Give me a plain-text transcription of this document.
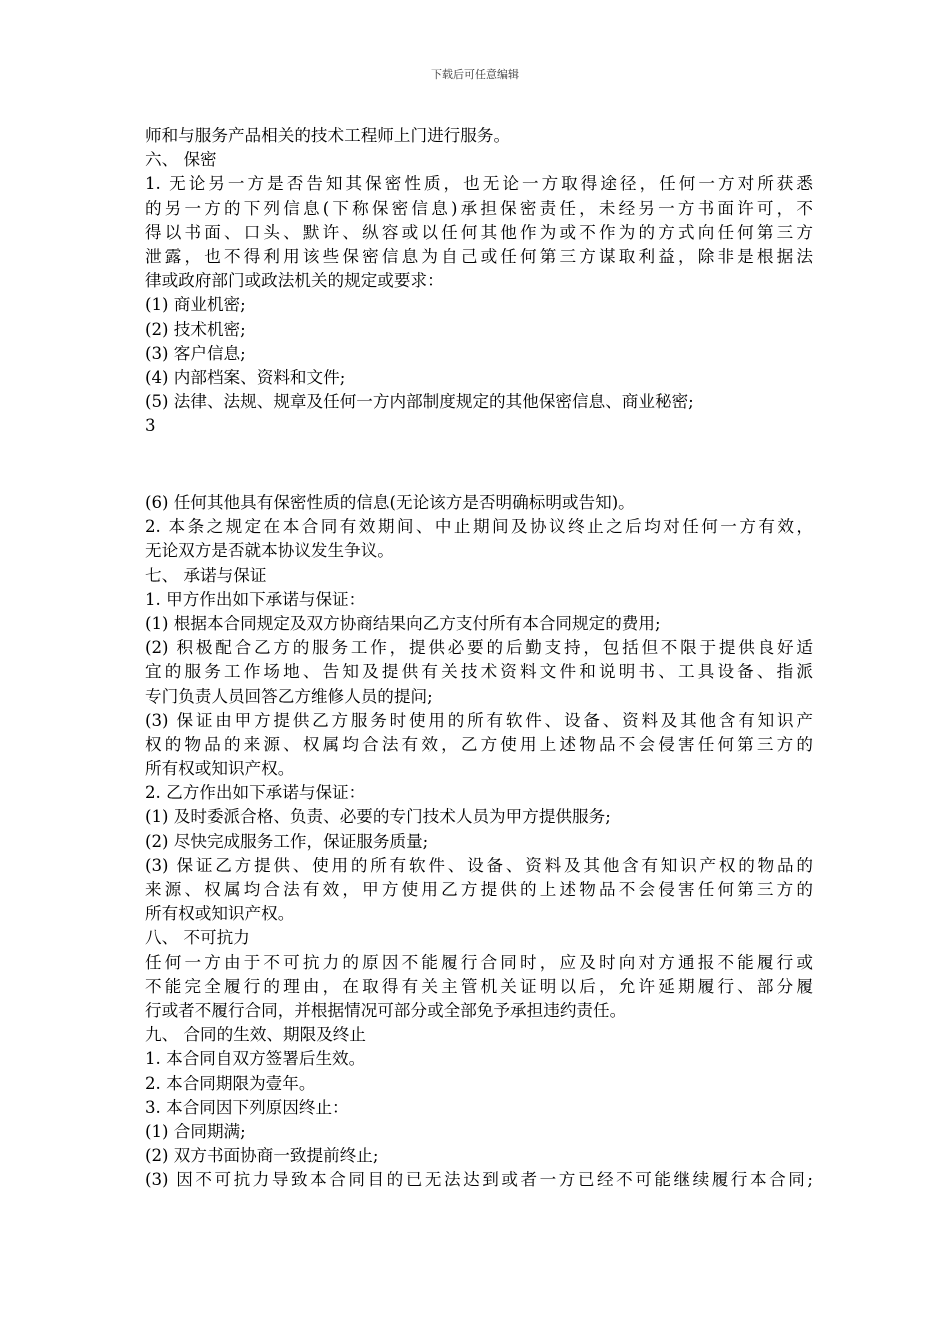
下载后可任意编辑
师和与服务产品相关的技术工程师上门进行服务。
六、 保密
1. 无论另一方是否告知其保密性质，也无论一方取得途径，任何一方对所获悉
的另一方的下列信息(下称保密信息)承担保密责任，未经另一方书面许可，不
得以书面、口头、默许、纵容或以任何其他作为或不作为的方式向任何第三方
泄露，也不得利用该些保密信息为自己或任何第三方谋取利益，除非是根据法
律或政府部门或政法机关的规定或要求：
(1) 商业机密;
(2) 技术机密;
(3) 客户信息;
(4) 内部档案、资料和文件;
(5) 法律、法规、规章及任何一方内部制度规定的其他保密信息、商业秘密;
3
(6) 任何其他具有保密性质的信息(无论该方是否明确标明或告知)。
2. 本条之规定在本合同有效期间、中止期间及协议终止之后均对任何一方有效，
无论双方是否就本协议发生争议。
七、 承诺与保证
1. 甲方作出如下承诺与保证：
(1) 根据本合同规定及双方协商结果向乙方支付所有本合同规定的费用;
(2) 积极配合乙方的服务工作，提供必要的后勤支持，包括但不限于提供良好适
宜的服务工作场地、告知及提供有关技术资料文件和说明书、工具设备、指派
专门负责人员回答乙方维修人员的提问;
(3) 保证由甲方提供乙方服务时使用的所有软件、设备、资料及其他含有知识产
权的物品的来源、权属均合法有效，乙方使用上述物品不会侵害任何第三方的
所有权或知识产权。
2. 乙方作出如下承诺与保证：
(1) 及时委派合格、负责、必要的专门技术人员为甲方提供服务;
(2) 尽快完成服务工作，保证服务质量;
(3) 保证乙方提供、使用的所有软件、设备、资料及其他含有知识产权的物品的
来源、权属均合法有效，甲方使用乙方提供的上述物品不会侵害任何第三方的
所有权或知识产权。
八、 不可抗力
任何一方由于不可抗力的原因不能履行合同时，应及时向对方通报不能履行或
不能完全履行的理由，在取得有关主管机关证明以后，允许延期履行、部分履
行或者不履行合同，并根据情况可部分或全部免予承担违约责任。
九、 合同的生效、期限及终止
1. 本合同自双方签署后生效。
2. 本合同期限为壹年。
3. 本合同因下列原因终止：
(1) 合同期满;
(2) 双方书面协商一致提前终止;
(3) 因不可抗力导致本合同目的已无法达到或者一方已经不可能继续履行本合同;
